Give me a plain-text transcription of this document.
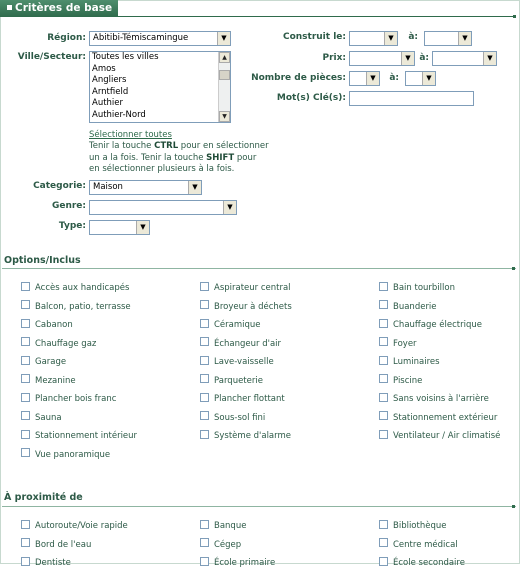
Critères de base
Région: Abitibi-Témiscamingue	▼
Ville/Secteur: Toutes les villes
Amos
Angliers
Arntfield
Authier
Authier-Nord
▲
▼
Sélectionner toutes
Tenir la touche CTRL pour en sélectionner
un a la fois. Tenir la touche SHIFT pour
en sélectionner plusieurs à la fois.
Categorie: Maison	▼
Genre:	▼
Type:	▼
Construit le:	▼	à:	▼
Prix:	▼ à:	▼
Nombre de pièces:	▼	à:	▼
Mot(s) Clé(s):
Options/Inclus
Accès aux handicapés	Aspirateur central	Bain tourbillon
Balcon, patio, terrasse	Broyeur à déchets	Buanderie
Cabanon	Céramique	Chauffage électrique
Chauffage gaz	Échangeur d'air	Foyer
Garage	Lave-vaisselle	Luminaires
Mezanine	Parqueterie	Piscine
Plancher bois franc	Plancher flottant	Sans voisins à l'arrière
Sauna	Sous-sol fini	Stationnement extérieur
Stationnement intérieur	Système d'alarme	Ventilateur / Air climatisé
Vue panoramique
À proximité de
Autoroute/Voie rapide	Banque	Bibliothèque
Bord de l'eau	Cégep	Centre médical
Dentiste	École primaire	École secondaire
